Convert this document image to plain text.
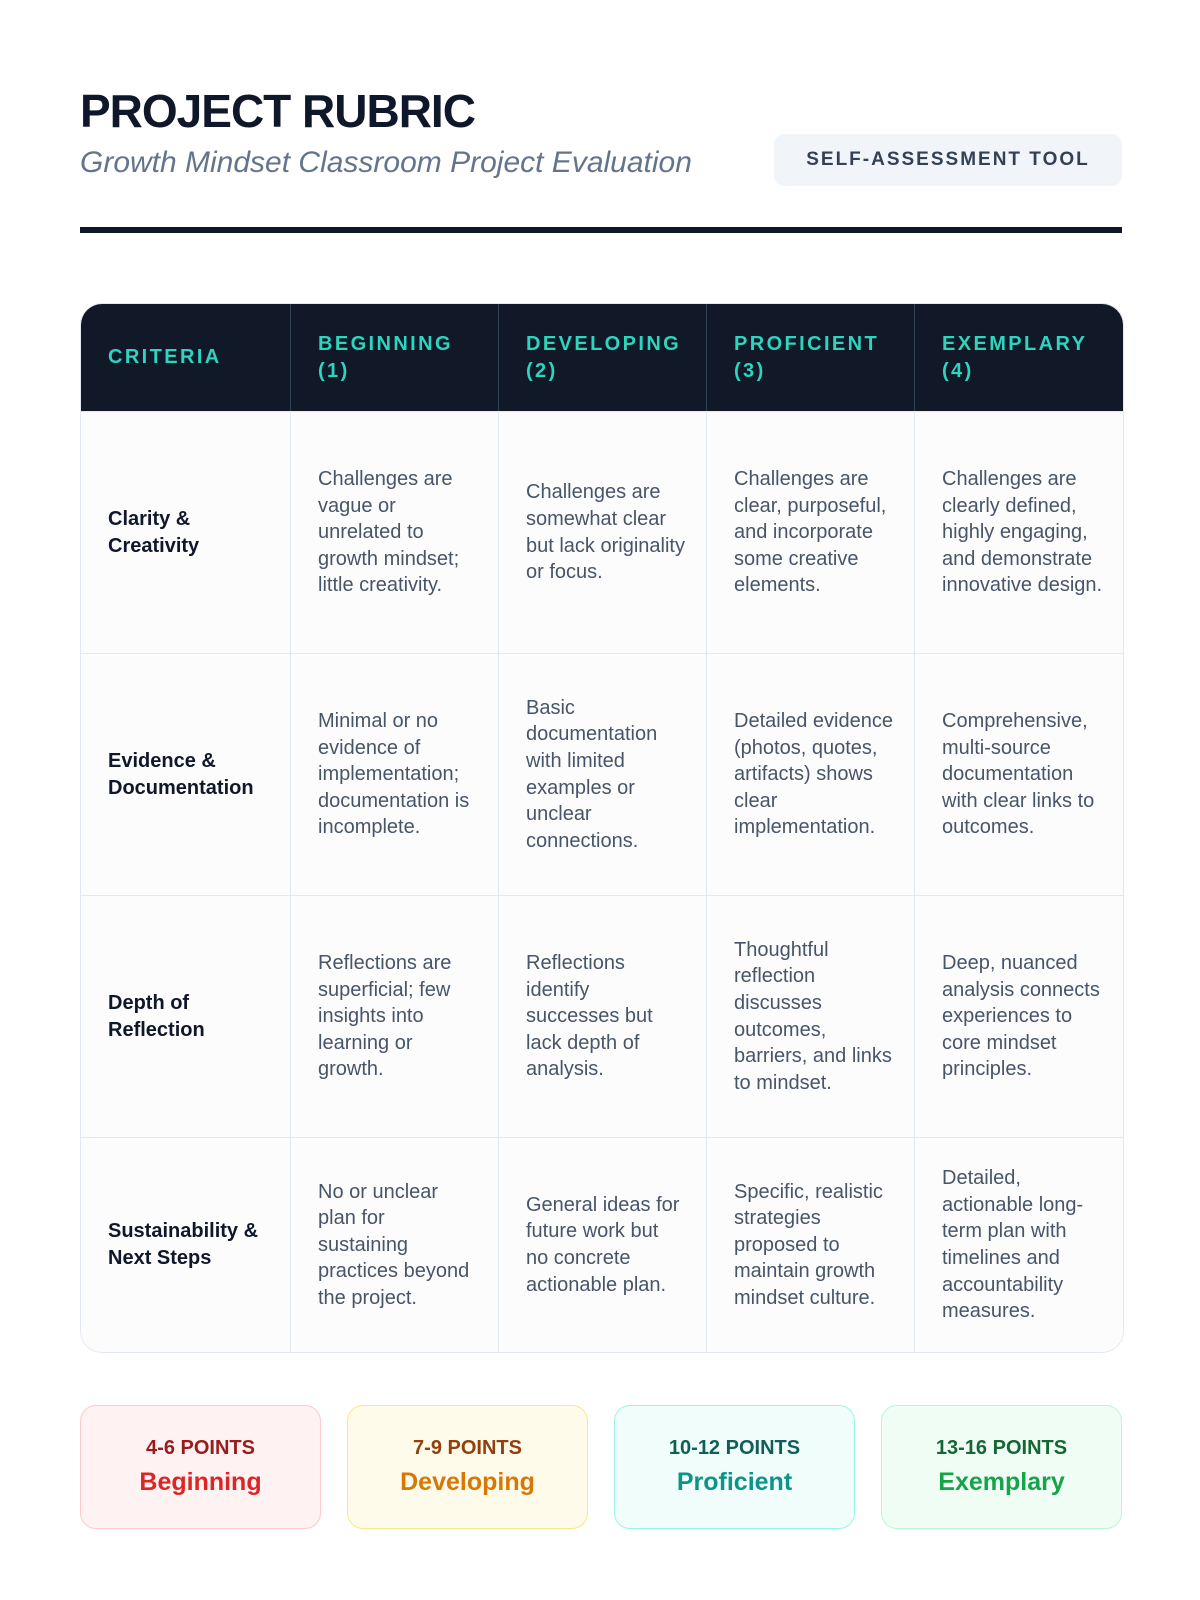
PROJECT RUBRIC

Growth Mindset Classroom Project Evaluation	SELF-ASSESSMENT TOOL
CRITERIA
BEGINNING (1)
DEVELOPING (2)
PROFICIENT (3)
EXEMPLARY (4)
Clarity & Creativity
Challenges are vague or unrelated to growth mindset; little creativity.
Challenges are somewhat clear but lack originality or focus.
Challenges are clear, purposeful, and incorporate some creative elements.
Challenges are clearly defined, highly engaging, and demonstrate innovative design.
Evidence & Documentation
Minimal or no evidence of implementation; documentation is incomplete.
Basic documentation with limited examples or unclear connections.
Detailed evidence (photos, quotes, artifacts) shows clear implementation.
Comprehensive, multi-source documentation with clear links to outcomes.
Depth of Reflection
Reflections are superficial; few insights into learning or growth.
Reflections identify successes but lack depth of analysis.
Thoughtful reflection discusses outcomes, barriers, and links to mindset.
Deep, nuanced analysis connects experiences to core mindset principles.
Sustainability & Next Steps
No or unclear plan for sustaining practices beyond the project.
General ideas for future work but no concrete actionable plan.
Specific, realistic strategies proposed to maintain growth mindset culture.
Detailed, actionable long-term plan with timelines and accountability measures.
4-6 POINTS
Beginning
7-9 POINTS
Developing
10-12 POINTS
Proficient
13-16 POINTS
Exemplary
